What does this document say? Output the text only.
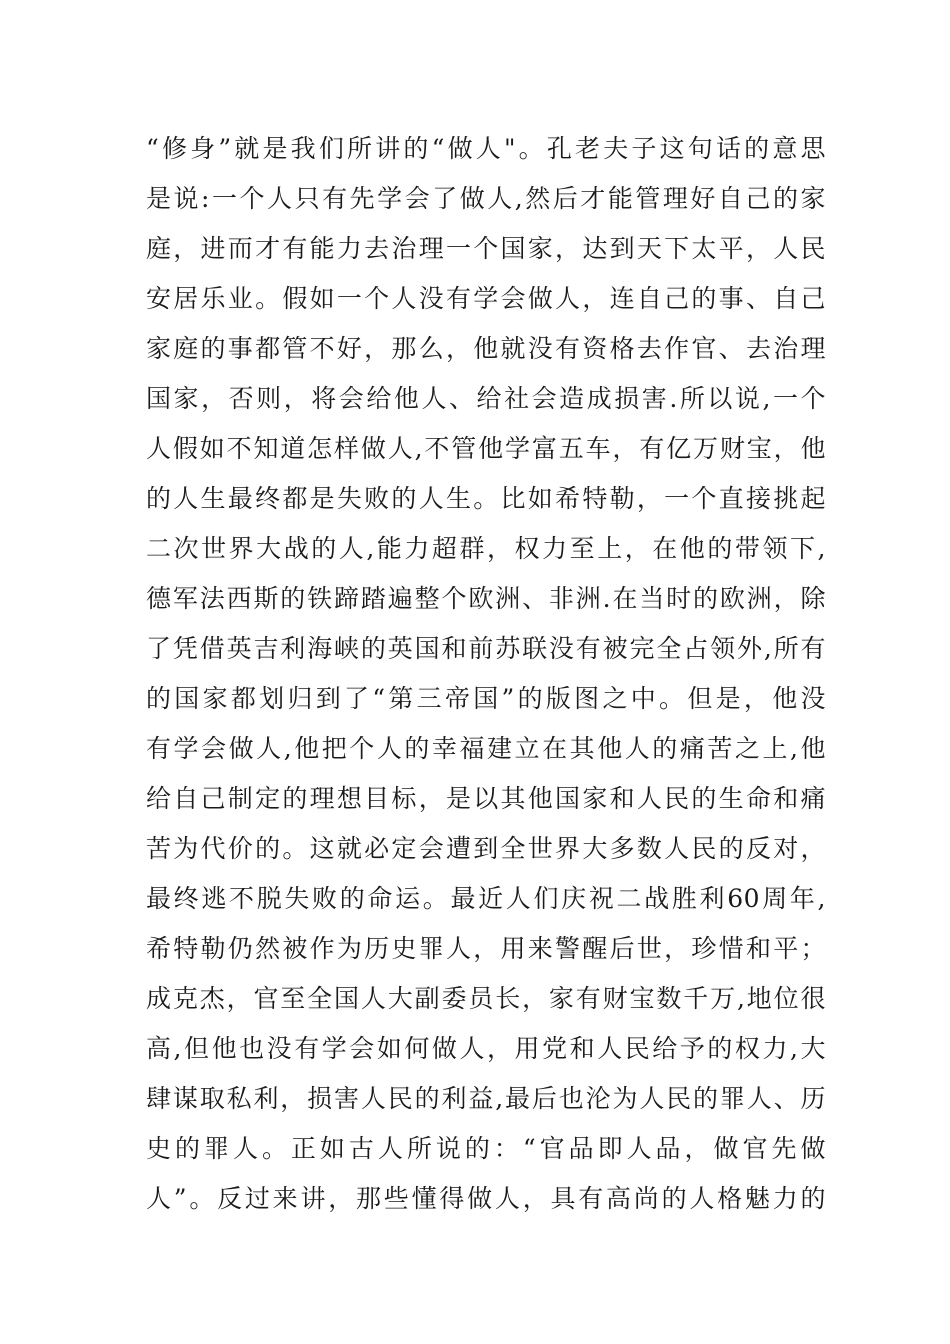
“修身”就是我们所讲的“做人"。孔老夫子这句话的意思
是说:一个人只有先学会了做人,然后才能管理好自己的家
庭，进而才有能力去治理一个国家，达到天下太平，人民
安居乐业。假如一个人没有学会做人，连自己的事、自己
家庭的事都管不好，那么，他就没有资格去作官、去治理
国家，否则，将会给他人、给社会造成损害.所以说,一个
人假如不知道怎样做人,不管他学富五车，有亿万财宝，他
的人生最终都是失败的人生。比如希特勒，一个直接挑起
二次世界大战的人,能力超群，权力至上，在他的带领下,
德军法西斯的铁蹄踏遍整个欧洲、非洲.在当时的欧洲，除
了凭借英吉利海峡的英国和前苏联没有被完全占领外,所有
的国家都划归到了“第三帝国”的版图之中。但是，他没
有学会做人,他把个人的幸福建立在其他人的痛苦之上,他
给自己制定的理想目标，是以其他国家和人民的生命和痛
苦为代价的。这就必定会遭到全世界大多数人民的反对，
最终逃不脱失败的命运。最近人们庆祝二战胜利60周年,
希特勒仍然被作为历史罪人，用来警醒后世，珍惜和平；
成克杰，官至全国人大副委员长，家有财宝数千万,地位很
高,但他也没有学会如何做人，用党和人民给予的权力,大
肆谋取私利，损害人民的利益,最后也沦为人民的罪人、历
史的罪人。正如古人所说的：“官品即人品，做官先做
人”。反过来讲，那些懂得做人，具有高尚的人格魅力的
